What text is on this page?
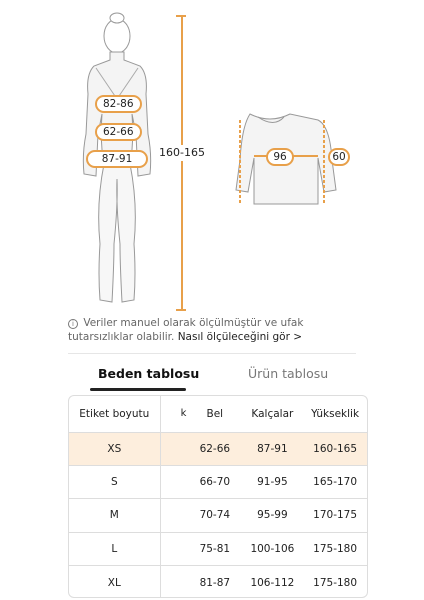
82-86
62-66
87-91	160-165	96	60
i Veriler manuel olarak ölçülmüştür ve ufak tutarsızlıklar olabilir. Nasıl ölçüleceğini gör >
Beden tablosu	Ürün tablosu
Etiket boyutu	k	Bel	Kalçalar	Yükseklik
XS		62-66	87-91	160-165
S		66-70	91-95	165-170
M		70-74	95-99	170-175
L		75-81	100-106	175-180
XL		81-87	106-112	175-180
